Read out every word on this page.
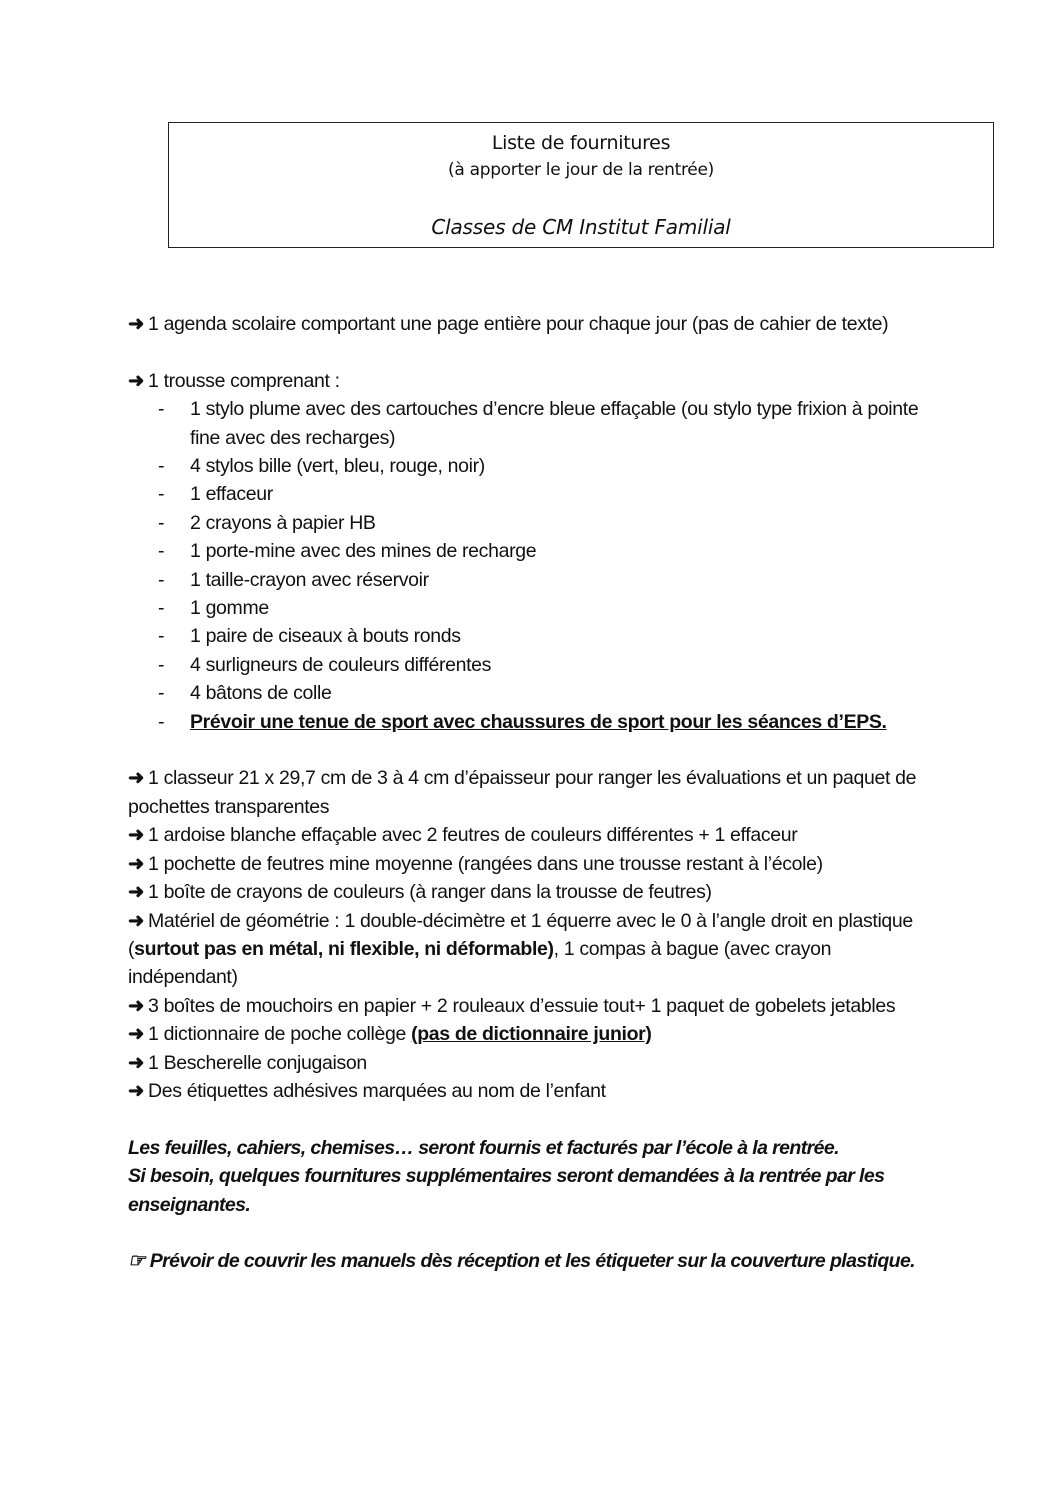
Liste de fournitures
(à apporter le jour de la rentrée)
Classes de CM Institut Familial

➜ 1 agenda scolaire comportant une page entière pour chaque jour (pas de cahier de texte)

➜ 1 trousse comprenant :

- 1 stylo plume avec des cartouches d’encre bleue effaçable (ou stylo type frixion à pointe fine avec des recharges)
- 4 stylos bille (vert, bleu, rouge, noir)
- 1 effaceur
- 2 crayons à papier HB
- 1 porte-mine avec des mines de recharge
- 1 taille-crayon avec réservoir
- 1 gomme
- 1 paire de ciseaux à bouts ronds
- 4 surligneurs de couleurs différentes
- 4 bâtons de colle
- Prévoir une tenue de sport avec chaussures de sport pour les séances d’EPS.

➜ 1 classeur 21 x 29,7 cm de 3 à 4 cm d’épaisseur pour ranger les évaluations et un paquet de pochettes transparentes

➜ 1 ardoise blanche effaçable avec 2 feutres de couleurs différentes + 1 effaceur

➜ 1 pochette de feutres mine moyenne (rangées dans une trousse restant à l’école)

➜ 1 boîte de crayons de couleurs (à ranger dans la trousse de feutres)

➜ Matériel de géométrie : 1 double-décimètre et 1 équerre avec le 0 à l’angle droit en plastique (surtout pas en métal, ni flexible, ni déformable), 1 compas à bague (avec crayon indépendant)

➜ 3 boîtes de mouchoirs en papier + 2 rouleaux d’essuie tout+ 1 paquet de gobelets jetables

➜ 1 dictionnaire de poche collège (pas de dictionnaire junior)

➜ 1 Bescherelle conjugaison

➜ Des étiquettes adhésives marquées au nom de l’enfant

Les feuilles, cahiers, chemises… seront fournis et facturés par l’école à la rentrée.

Si besoin, quelques fournitures supplémentaires seront demandées à la rentrée par les enseignantes.

☞ Prévoir de couvrir les manuels dès réception et les étiqueter sur la couverture plastique.
